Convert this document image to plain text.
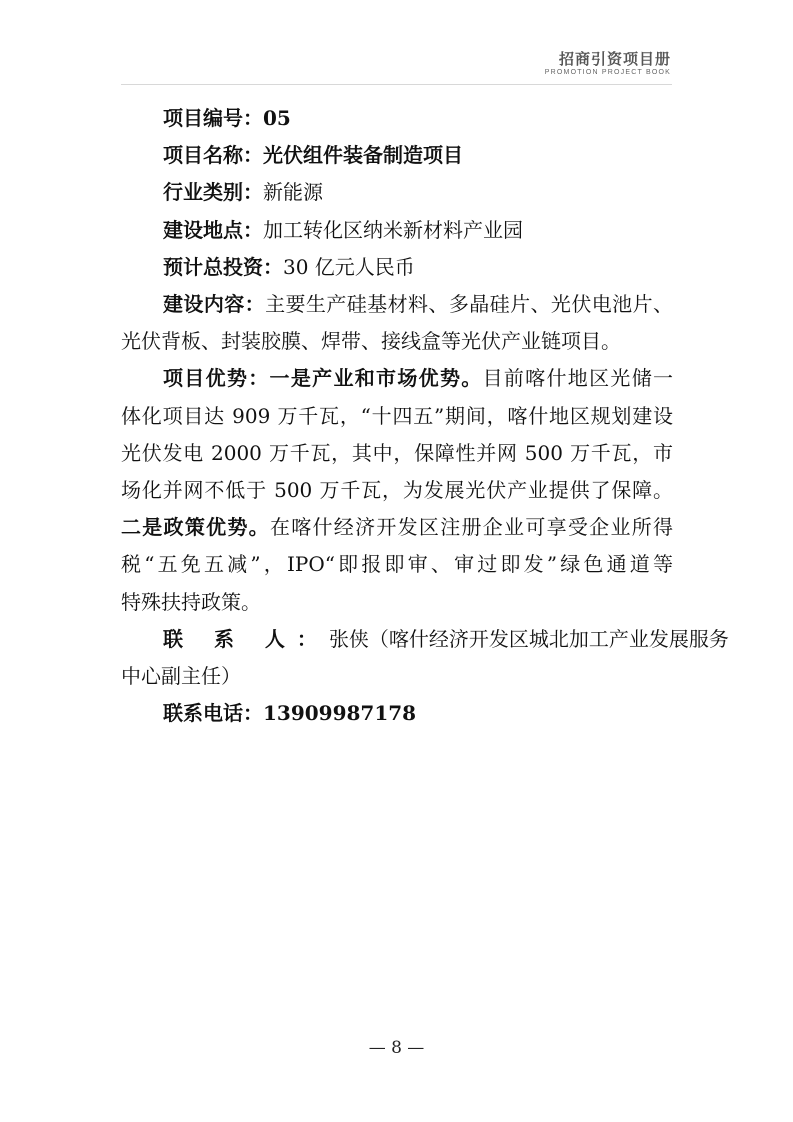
招商引资项目册
PROMOTION PROJECT BOOK
项目编号：05
项目名称：光伏组件装备制造项目
行业类别：新能源
建设地点：加工转化区纳米新材料产业园
预计总投资：30 亿元人民币
建设内容：主要生产硅基材料、多晶硅片、光伏电池片、
光伏背板、封装胶膜、焊带、接线盒等光伏产业链项目。
项目优势：一是产业和市场优势。目前喀什地区光储一
体化项目达 909 万千瓦，“十四五”期间，喀什地区规划建设
光伏发电 2000 万千瓦，其中，保障性并网 500 万千瓦，市
场化并网不低于 500 万千瓦，为发展光伏产业提供了保障。
二是政策优势。在喀什经济开发区注册企业可享受企业所得
税“五免五减”，IPO“即报即审、审过即发”绿色通道等
特殊扶持政策。
联 系 人：张侠（喀什经济开发区城北加工产业发展服务
中心副主任）
联系电话：13909987178
— 8 —
